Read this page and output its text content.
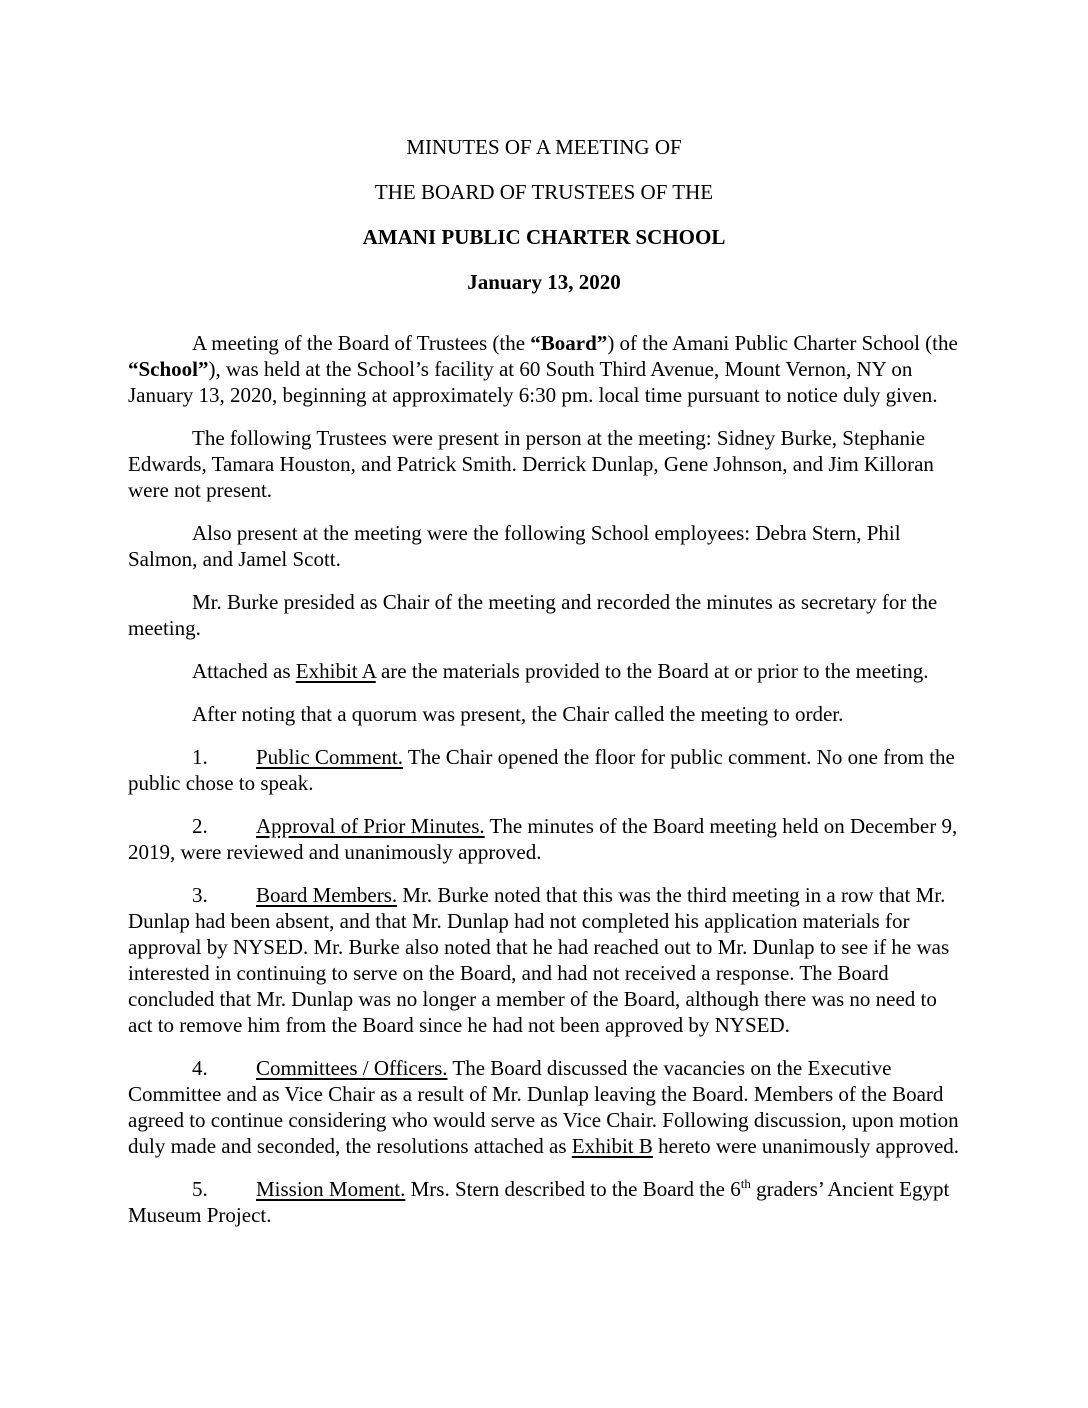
MINUTES OF A MEETING OF

THE BOARD OF TRUSTEES OF THE

AMANI PUBLIC CHARTER SCHOOL

January 13, 2020

A meeting of the Board of Trustees (the “Board”) of the Amani Public Charter School (the “School”), was held at the School’s facility at 60 South Third Avenue, Mount Vernon, NY on January 13, 2020, beginning at approximately 6:30 pm. local time pursuant to notice duly given.

The following Trustees were present in person at the meeting: Sidney Burke, Stephanie Edwards, Tamara Houston, and Patrick Smith. Derrick Dunlap, Gene Johnson, and Jim Killoran were not present.

Also present at the meeting were the following School employees: Debra Stern, Phil Salmon, and Jamel Scott.

Mr. Burke presided as Chair of the meeting and recorded the minutes as secretary for the meeting.

Attached as Exhibit A are the materials provided to the Board at or prior to the meeting.

After noting that a quorum was present, the Chair called the meeting to order.

1. Public Comment. The Chair opened the floor for public comment. No one from the public chose to speak.

2. Approval of Prior Minutes. The minutes of the Board meeting held on December 9, 2019, were reviewed and unanimously approved.

3. Board Members. Mr. Burke noted that this was the third meeting in a row that Mr. Dunlap had been absent, and that Mr. Dunlap had not completed his application materials for approval by NYSED. Mr. Burke also noted that he had reached out to Mr. Dunlap to see if he was interested in continuing to serve on the Board, and had not received a response. The Board concluded that Mr. Dunlap was no longer a member of the Board, although there was no need to act to remove him from the Board since he had not been approved by NYSED.

4. Committees / Officers. The Board discussed the vacancies on the Executive Committee and as Vice Chair as a result of Mr. Dunlap leaving the Board. Members of the Board agreed to continue considering who would serve as Vice Chair. Following discussion, upon motion duly made and seconded, the resolutions attached as Exhibit B hereto were unanimously approved.

5. Mission Moment. Mrs. Stern described to the Board the 6th graders’ Ancient Egypt Museum Project.
